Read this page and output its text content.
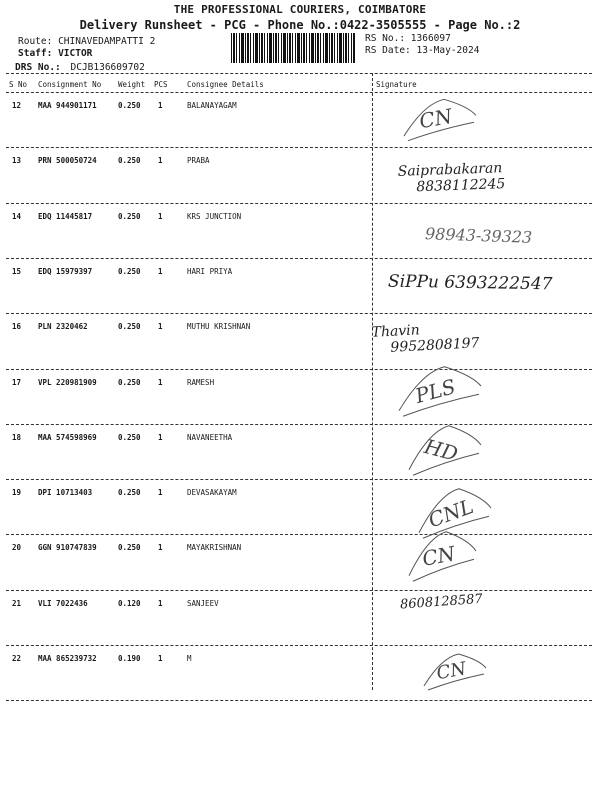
THE PROFESSIONAL COURIERS, COIMBATORE
Delivery Runsheet - PCG - Phone No.:0422-3505555 - Page No.:2
Route: CHINAVEDAMPATTI 2
Staff: VICTOR
DRS No.: DCJB136609702
RS No.: 1366097
RS Date: 13-May-2024
S No Consignment No Weight PCS	Consignee Details	Signature
12 MAA 944901171	0.250 1	BALANAYAGAM	CN
13 PRN 500050724	0.250 1	PRABA	Saiprabakaran
8838112245
14 EDQ 11445817	0.250 1	KRS JUNCTION
98943-39323
15 EDQ 15979397	0.250 1	HARI PRIYA
SiPPu 6393222547
16 PLN 2320462	0.250 1	MUTHU KRISHNAN	Thavin
9952808197
17 VPL 220981909	0.250 1	RAMESH	PLS
18 MAA 574598969	0.250 1	NAVANEETHA	HD
19 DPI 10713403	0.250 1	DEVASAKAYAM
CNL
20 GGN 910747839	0.250 1	MAYAKRISHNAN	CN
21 VLI 7022436	0.120 1	SANJEEV	8608128587
22 MAA 865239732	0.190 1	M	CN
